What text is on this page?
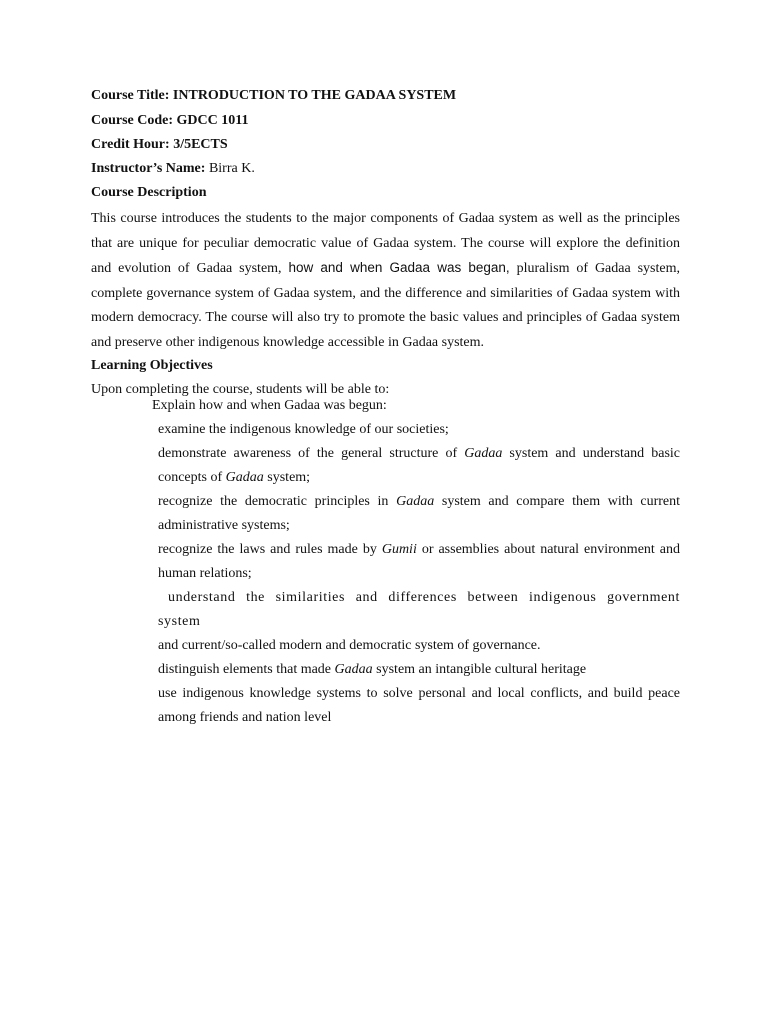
Course Title: INTRODUCTION TO THE GADAA SYSTEM
Course Code: GDCC 1011
Credit Hour: 3/5ECTS
Instructor’s Name: Birra K.
Course Description
This course introduces the students to the major components of Gadaa system as well as the principles that are unique for peculiar democratic value of Gadaa system. The course will explore the definition and evolution of Gadaa system, how and when Gadaa was began, pluralism of Gadaa system, complete governance system of Gadaa system, and the difference and similarities of Gadaa system with modern democracy. The course will also try to promote the basic values and principles of Gadaa system and preserve other indigenous knowledge accessible in Gadaa system.
Learning Objectives
Upon completing the course, students will be able to:
Explain how and when Gadaa was begun:
examine the indigenous knowledge of our societies;
demonstrate awareness of the general structure of Gadaa system and understand basic concepts of Gadaa system;
recognize the democratic principles in Gadaa system and compare them with current administrative systems;
recognize the laws and rules made by Gumii or assemblies about natural environment and human relations;
understand the similarities and differences between indigenous government system
and current/so-called modern and democratic system of governance.
distinguish elements that made Gadaa system an intangible cultural heritage
use indigenous knowledge systems to solve personal and local conflicts, and build peace among friends and nation level
